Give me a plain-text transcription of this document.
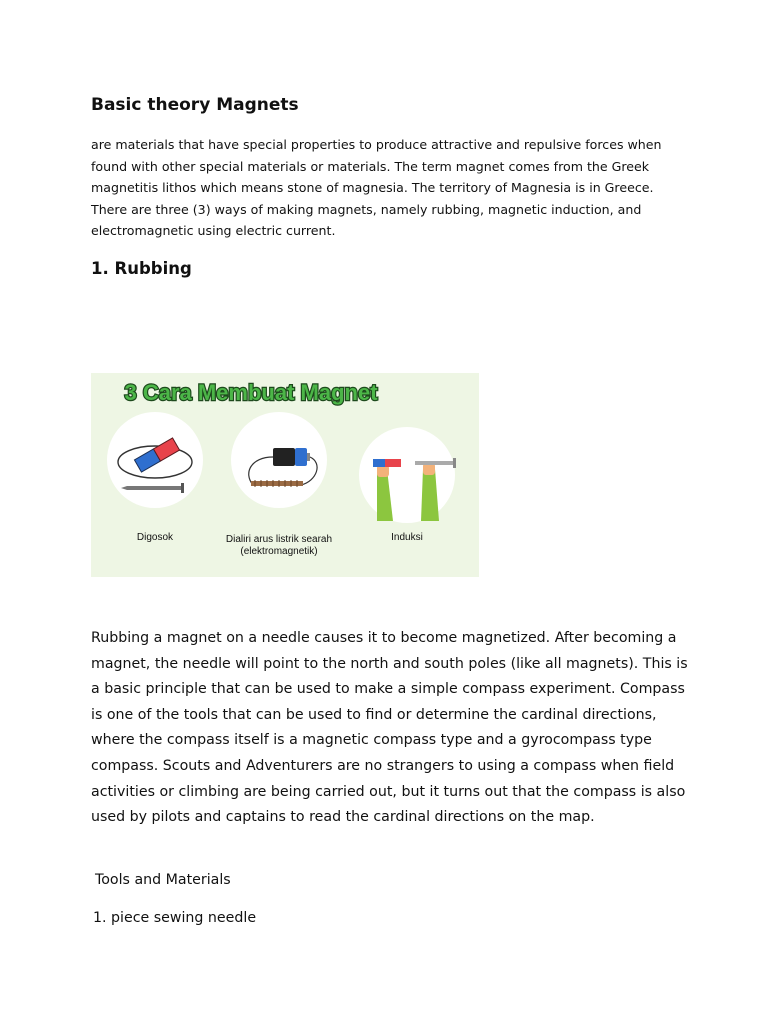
Basic theory Magnets

are materials that have special properties to produce attractive and repulsive forces when found with other special materials or materials. The term magnet comes from the Greek magnetitis lithos which means stone of magnesia. The territory of Magnesia is in Greece. There are three (3) ways of making magnets, namely rubbing, magnetic induction, and electromagnetic using electric current.

1. Rubbing
3 Cara Membuat Magnet
Digosok	Dialiri arus listrik searah
(elektromagnetik)
Induksi

Rubbing a magnet on a needle causes it to become magnetized. After becoming a magnet, the needle will point to the north and south poles (like all magnets). This is a basic principle that can be used to make a simple compass experiment. Compass is one of the tools that can be used to find or determine the cardinal directions, where the compass itself is a magnetic compass type and a gyrocompass type compass. Scouts and Adventurers are no strangers to using a compass when field activities or climbing are being carried out, but it turns out that the compass is also used by pilots and captains to read the cardinal directions on the map.

Tools and Materials

1. piece sewing needle
